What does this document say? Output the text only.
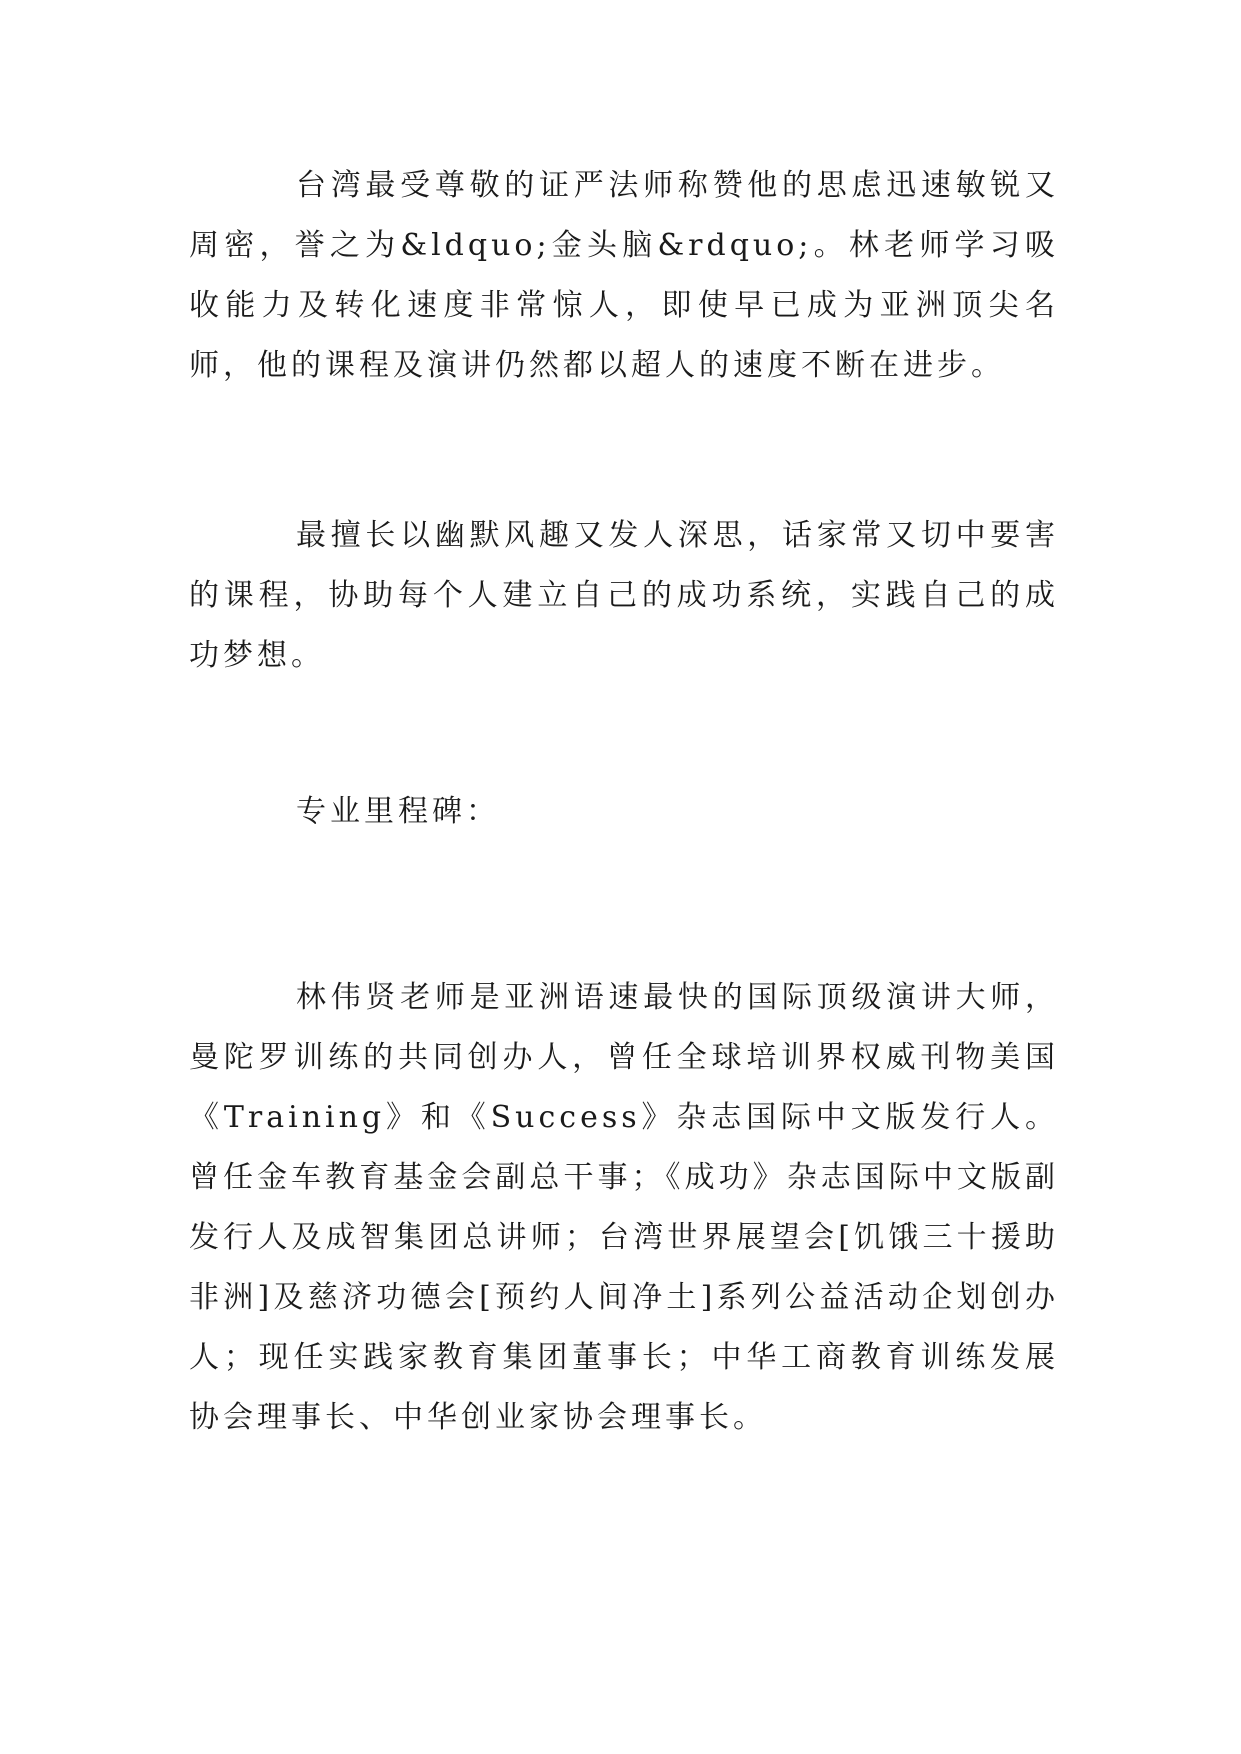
台湾最受尊敬的证严法师称赞他的思虑迅速敏锐又周密，誉之为&ldquo;金头脑&rdquo;。林老师学习吸收能力及转化速度非常惊人，即使早已成为亚洲顶尖名师，他的课程及演讲仍然都以超人的速度不断在进步。

最擅长以幽默风趣又发人深思，话家常又切中要害的课程，协助每个人建立自己的成功系统，实践自己的成功梦想。

专业里程碑：

林伟贤老师是亚洲语速最快的国际顶级演讲大师，曼陀罗训练的共同创办人，曾任全球培训界权威刊物美国《Training》和《Success》杂志国际中文版发行人。曾任金车教育基金会副总干事；《成功》杂志国际中文版副发行人及成智集团总讲师；台湾世界展望会[饥饿三十援助非洲]及慈济功德会[预约人间净土]系列公益活动企划创办人；现任实践家教育集团董事长；中华工商教育训练发展协会理事长、中华创业家协会理事长。
